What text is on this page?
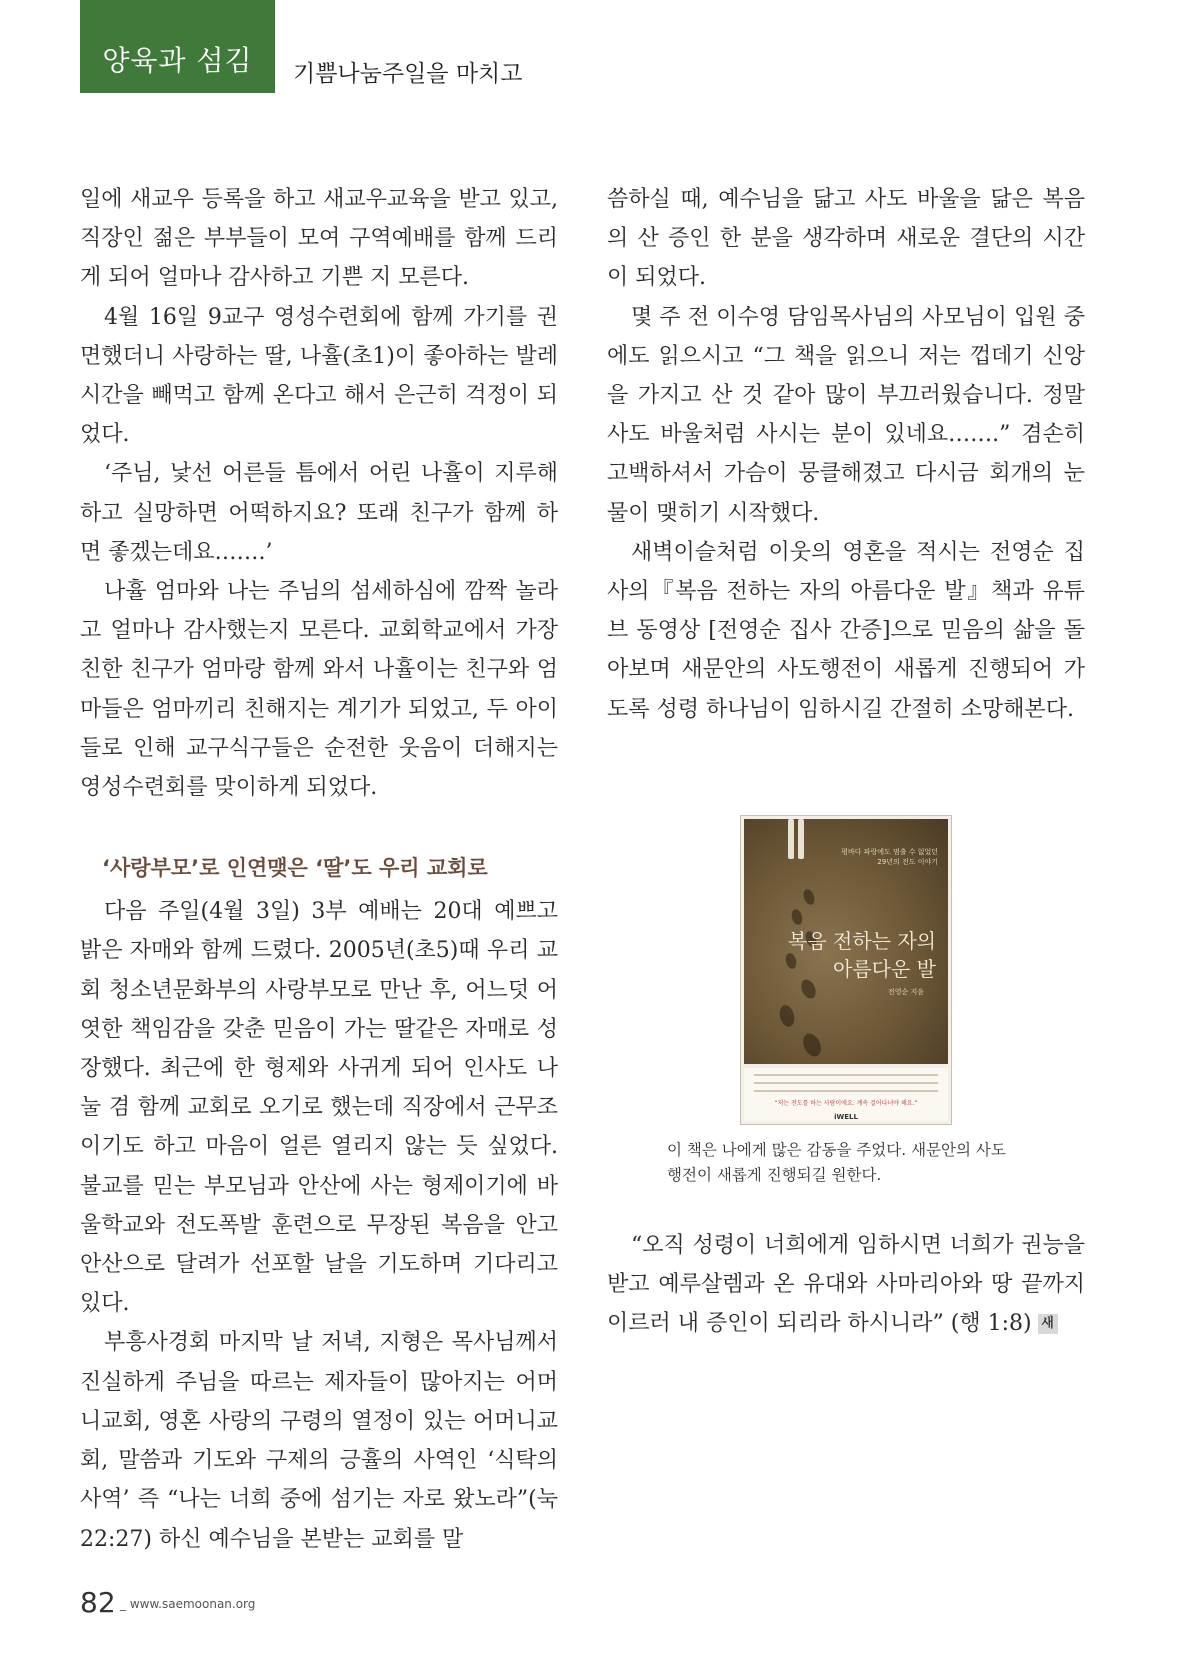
양육과 섬김	기쁨나눔주일을 마치고

일에 새교우 등록을 하고 새교우교육을 받고 있고, 직장인 젊은 부부들이 모여 구역예배를 함께 드리게 되어 얼마나 감사하고 기쁜 지 모른다.

4월 16일 9교구 영성수련회에 함께 가기를 권면했더니 사랑하는 딸, 나휼(초1)이 좋아하는 발레시간을 빼먹고 함께 온다고 해서 은근히 걱정이 되었다.

‘주님, 낯선 어른들 틈에서 어린 나휼이 지루해하고 실망하면 어떡하지요? 또래 친구가 함께 하면 좋겠는데요…….’

나휼 엄마와 나는 주님의 섬세하심에 깜짝 놀라고 얼마나 감사했는지 모른다. 교회학교에서 가장 친한 친구가 엄마랑 함께 와서 나휼이는 친구와 엄마들은 엄마끼리 친해지는 계기가 되었고, 두 아이들로 인해 교구식구들은 순전한 웃음이 더해지는 영성수련회를 맞이하게 되었다.

‘사랑부모’로 인연맺은 ‘딸’도 우리 교회로

다음 주일(4월 3일) 3부 예배는 20대 예쁘고 밝은 자매와 함께 드렸다. 2005년(초5)때 우리 교회 청소년문화부의 사랑부모로 만난 후, 어느덧 어엿한 책임감을 갖춘 믿음이 가는 딸같은 자매로 성장했다. 최근에 한 형제와 사귀게 되어 인사도 나눌 겸 함께 교회로 오기로 했는데 직장에서 근무조이기도 하고 마음이 얼른 열리지 않는 듯 싶었다. 불교를 믿는 부모님과 안산에 사는 형제이기에 바울학교와 전도폭발 훈련으로 무장된 복음을 안고 안산으로 달려가 선포할 날을 기도하며 기다리고 있다.

부흥사경회 마지막 날 저녁, 지형은 목사님께서 진실하게 주님을 따르는 제자들이 많아지는 어머니교회, 영혼 사랑의 구령의 열정이 있는 어머니교회, 말씀과 기도와 구제의 긍휼의 사역인 ‘식탁의 사역’ 즉 “나는 너희 중에 섬기는 자로 왔노라”(눅22:27) 하신 예수님을 본받는 교회를 말

씀하실 때, 예수님을 닮고 사도 바울을 닮은 복음의 산 증인 한 분을 생각하며 새로운 결단의 시간이 되었다.

몇 주 전 이수영 담임목사님의 사모님이 입원 중에도 읽으시고 “그 책을 읽으니 저는 껍데기 신앙을 가지고 산 것 같아 많이 부끄러웠습니다. 정말 사도 바울처럼 사시는 분이 있네요…….” 겸손히 고백하셔서 가슴이 뭉클해졌고 다시금 회개의 눈물이 맺히기 시작했다.

새벽이슬처럼 이웃의 영혼을 적시는 전영순 집사의『복음 전하는 자의 아름다운 발』책과 유튜브 동영상 [전영순 집사 간증]으로 믿음의 삶을 돌아보며 새문안의 사도행전이 새롭게 진행되어 가도록 성령 하나님이 임하시길 간절히 소망해본다.

평바다 파랑에도 멈출 수 없었던
29년의 전도 이야기
복음 전하는 자의
아름다운 발
전영순 지음
“저는 전도를 하는 사람이에요. 계속 걸어다녀야 해요.”
iWELL
이 책은 나에게 많은 감동을 주었다. 새문안의 사도
행전이 새롭게 진행되길 원한다.

“오직 성령이 너희에게 임하시면 너희가 권능을 받고 예루살렘과 온 유대와 사마리아와 땅 끝까지 이르러 내 증인이 되리라 하시니라” (행 1:8) 새

82 _ www.saemoonan.org
